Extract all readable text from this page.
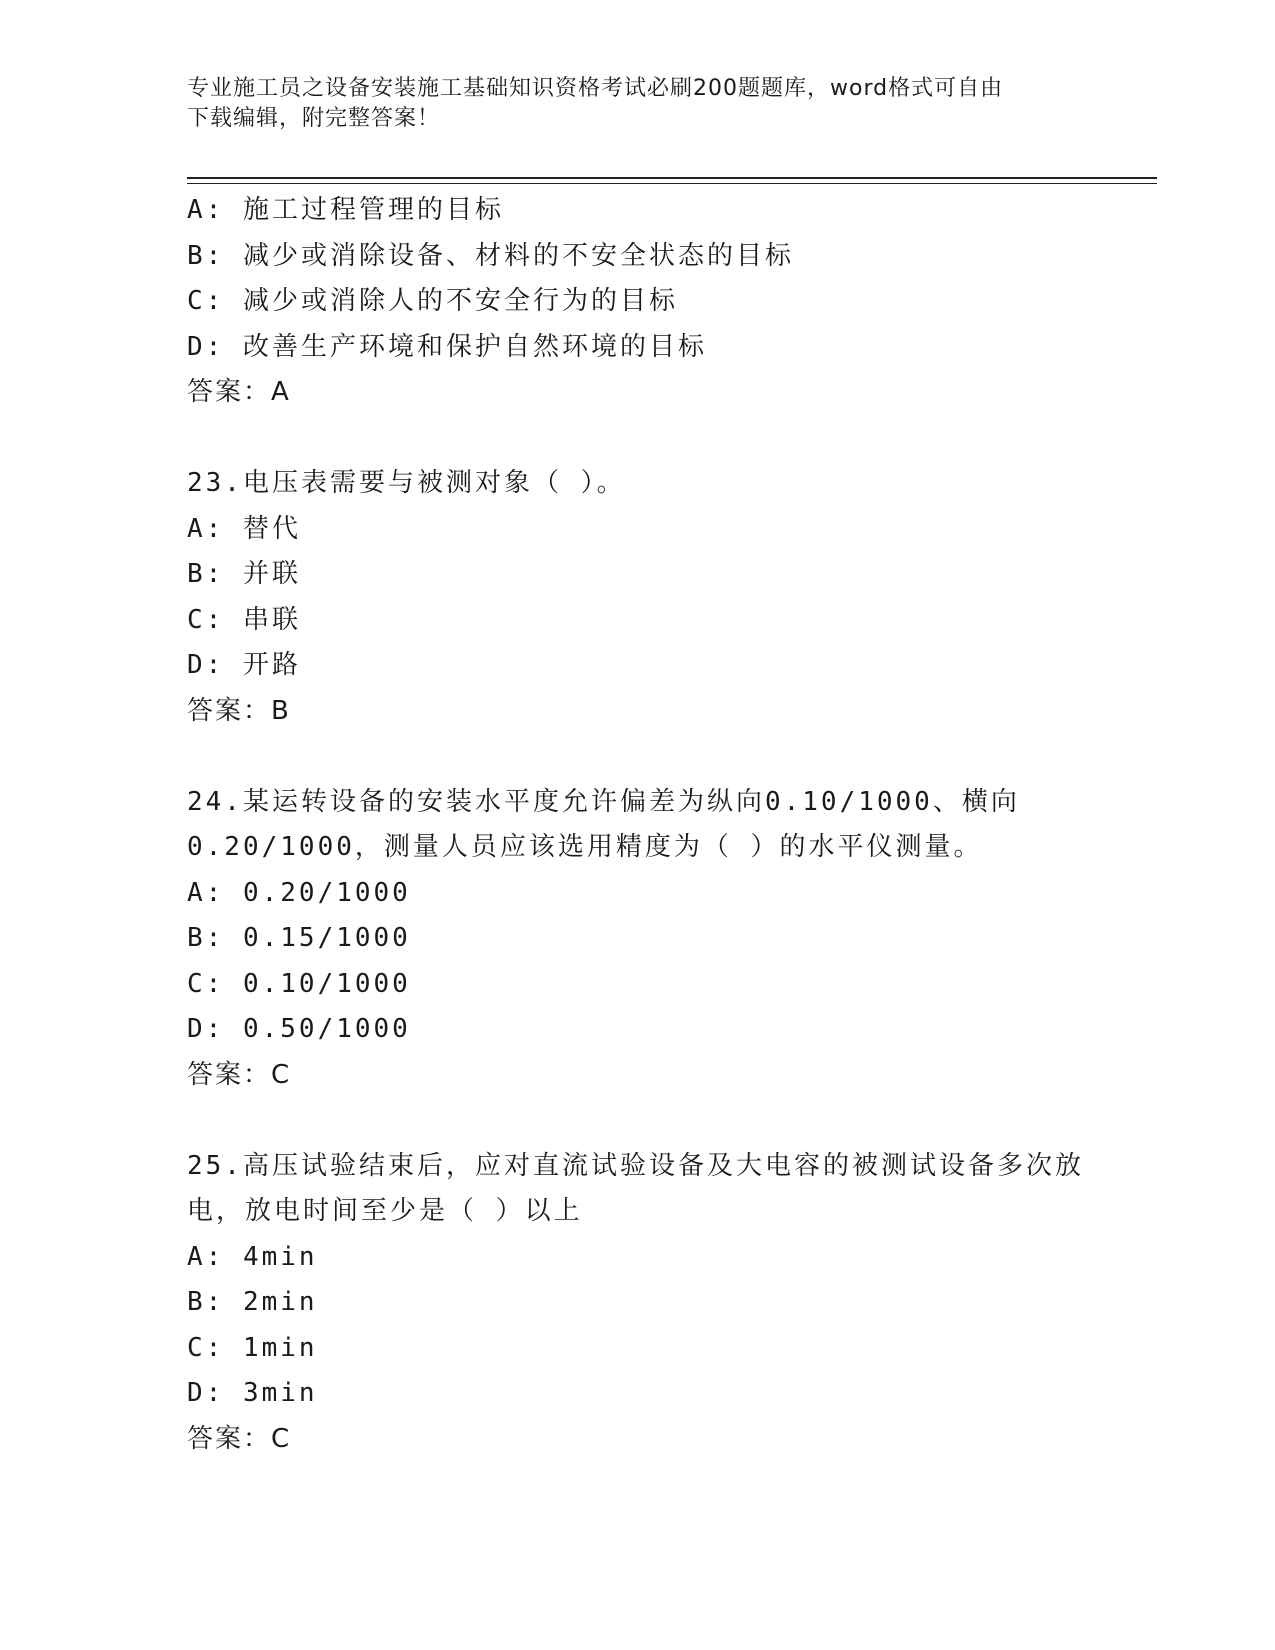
专业施工员之设备安装施工基础知识资格考试必刷200题题库，word格式可自由
下载编辑，附完整答案！
A: 施工过程管理的目标
B: 减少或消除设备、材料的不安全状态的目标
C: 减少或消除人的不安全行为的目标
D: 改善生产环境和保护自然环境的目标
答案：A
23.电压表需要与被测对象（ ）。
A: 替代
B: 并联
C: 串联
D: 开路
答案：B
24.某运转设备的安装水平度允许偏差为纵向0.10/1000、横向
0.20/1000，测量人员应该选用精度为（ ）的水平仪测量。
A: 0.20/1000
B: 0.15/1000
C: 0.10/1000
D: 0.50/1000
答案：C
25.高压试验结束后，应对直流试验设备及大电容的被测试设备多次放
电，放电时间至少是（ ）以上
A: 4min
B: 2min
C: 1min
D: 3min
答案：C
